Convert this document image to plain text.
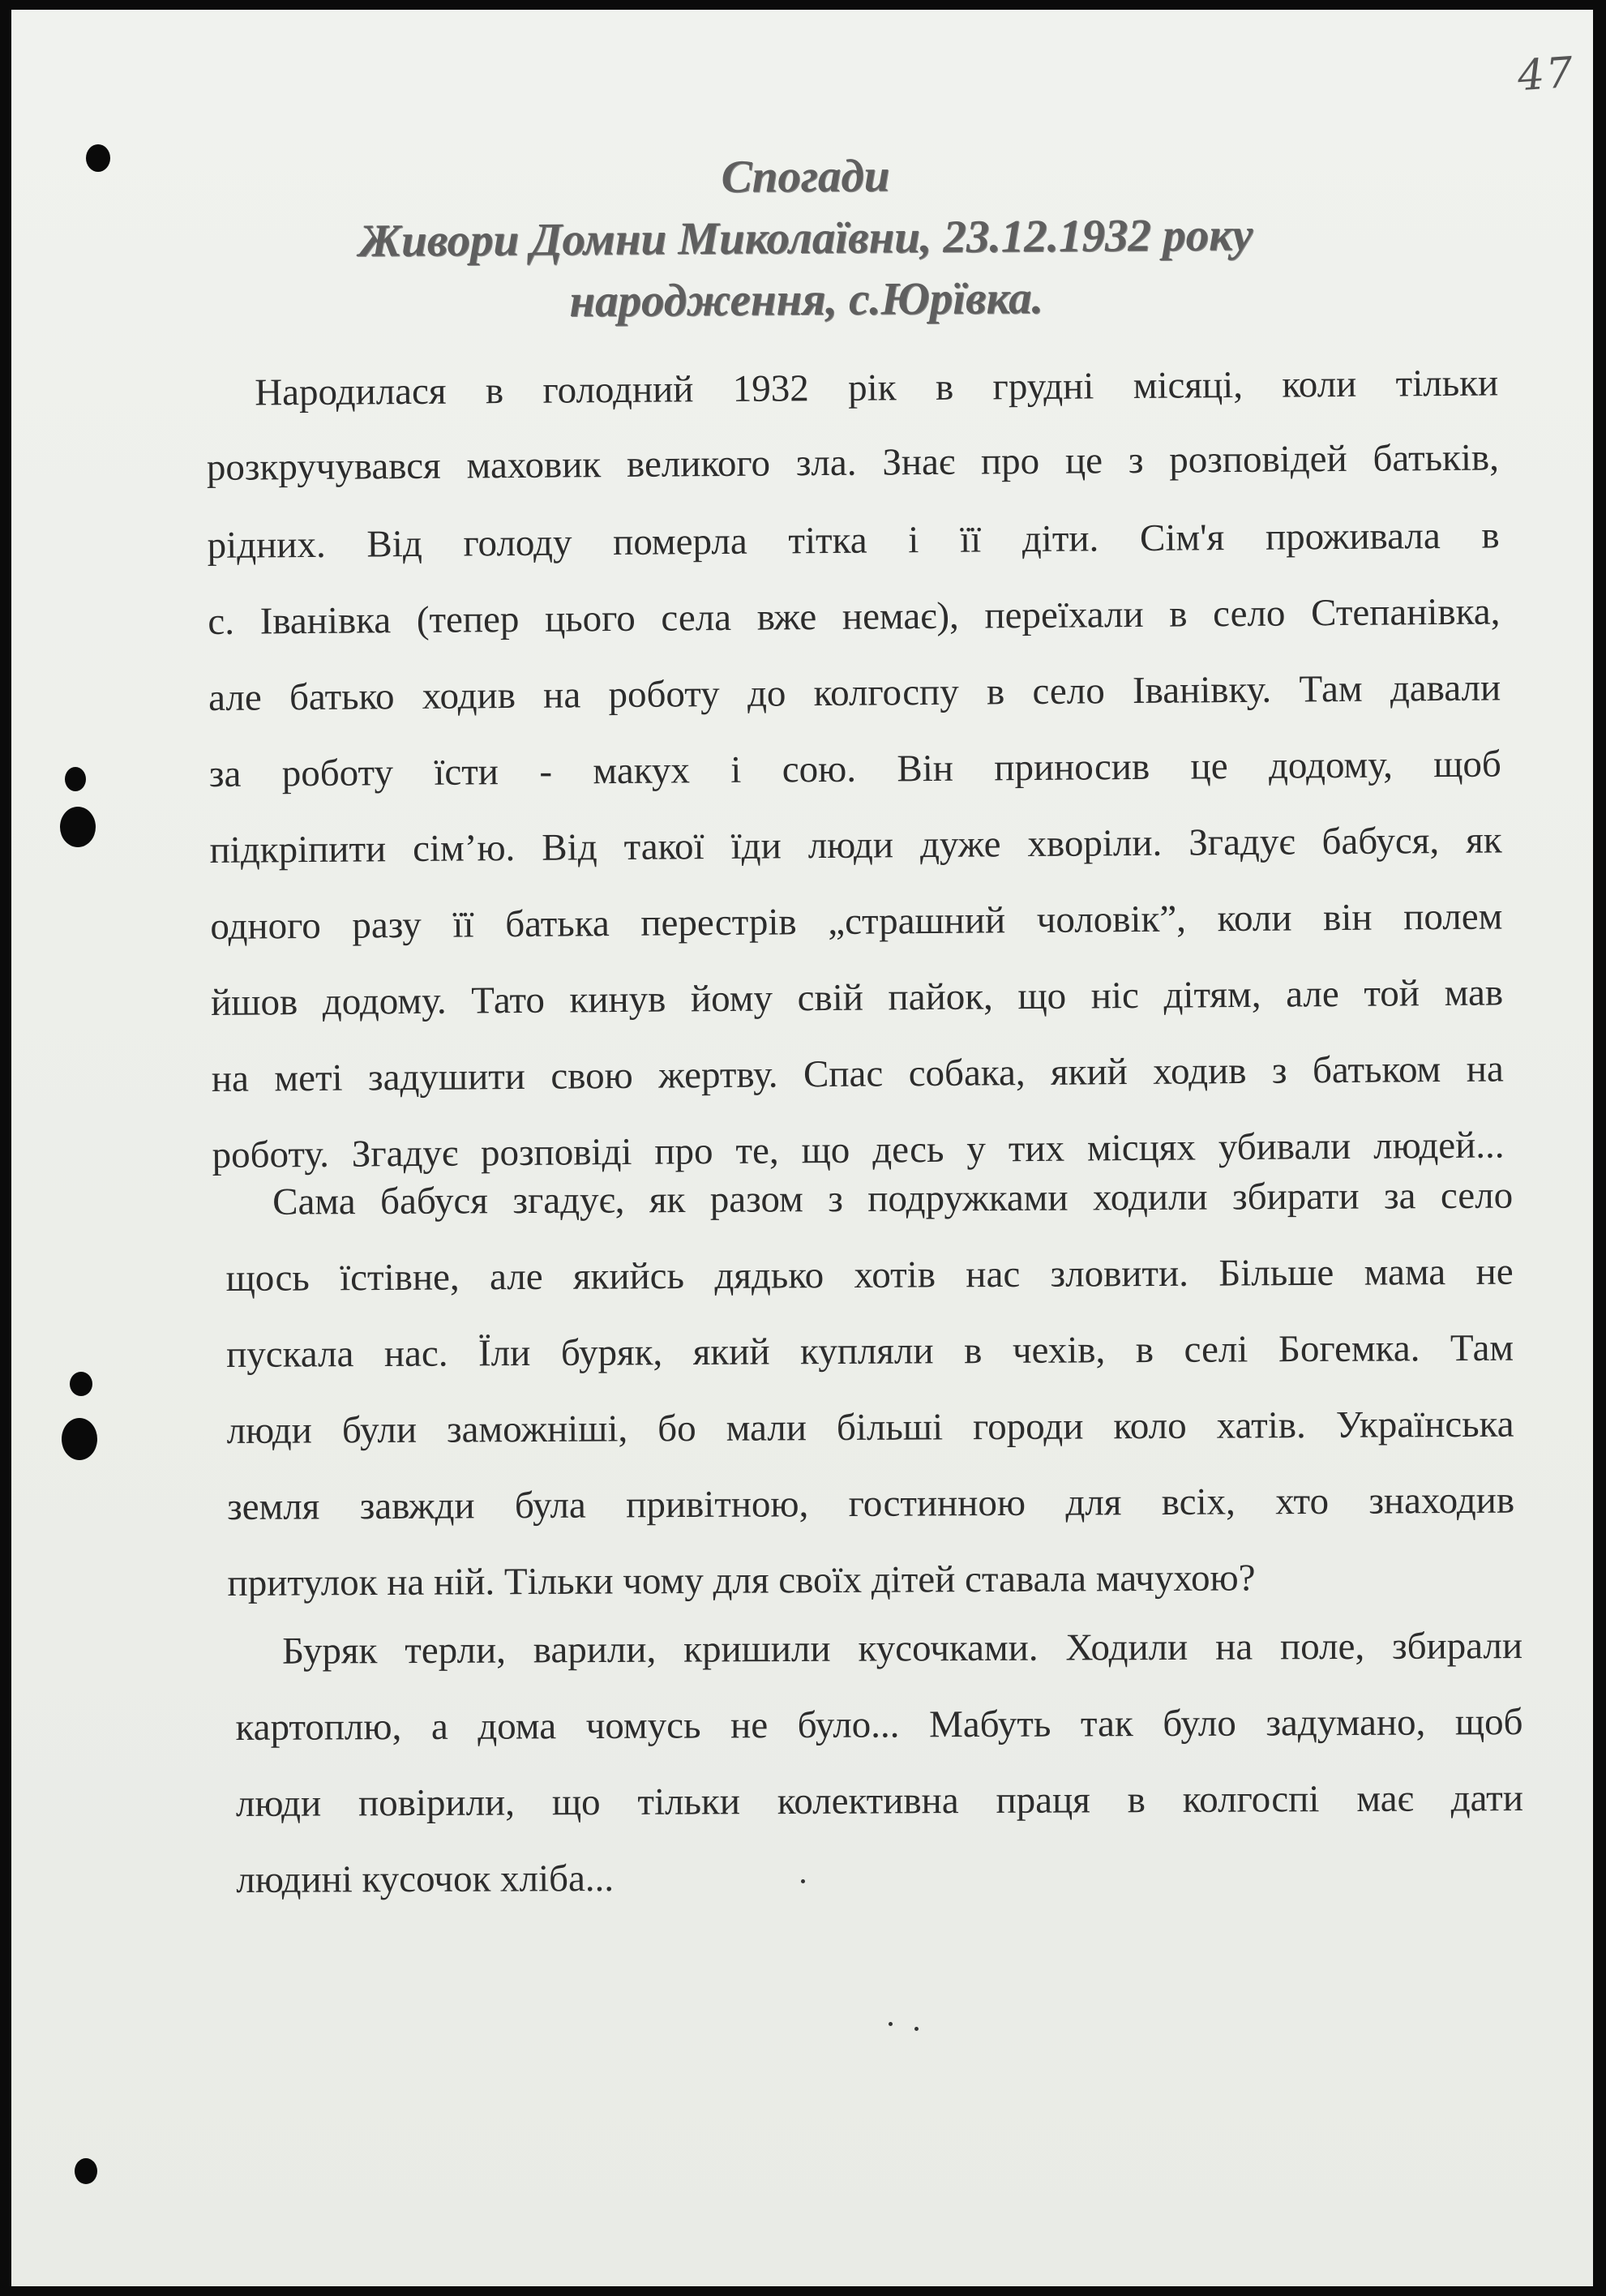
47
Спогади
Живори Домни Миколаївни, 23.12.1932 року
народження, с.Юрївка.
Народилася в голодний 1932 рік в грудні місяці, коли тільки
розкручувався маховик великого зла. Знає про це з розповідей батьків,
рідних. Від голоду померла тітка і її діти. Сім'я проживала в
с. Іванівка (тепер цього села вже немає), переїхали в село Степанівка,
але батько ходив на роботу до колгоспу в село Іванівку. Там давали
за роботу їсти - макух і сою. Він приносив це додому, щоб
підкріпити сім’ю. Від такої їди люди дуже хворіли. Згадує бабуся, як
одного разу її батька перестрів „страшний чоловік”, коли він полем
йшов додому. Тато кинув йому свій пайок, що ніс дітям, але той мав
на меті задушити свою жертву. Спас собака, який ходив з батьком на
роботу. Згадує розповіді про те, що десь у тих місцях убивали людей...
Сама бабуся згадує, як разом з подружками ходили збирати за село
щось їстівне, але якийсь дядько хотів нас зловити. Більше мама не
пускала нас. Їли буряк, який купляли в чехів, в селі Богемка. Там
люди були заможніші, бо мали більші городи коло хатів. Українська
земля завжди була привітною, гостинною для всіх, хто знаходив
притулок на ній. Тільки чому для своїх дітей ставала мачухою?
Буряк терли, варили, кришили кусочками. Ходили на поле, збирали
картоплю, а дома чомусь не було... Мабуть так було задумано, щоб
люди повірили, що тільки колективна праця в колгоспі має дати
людині кусочок хліба...
